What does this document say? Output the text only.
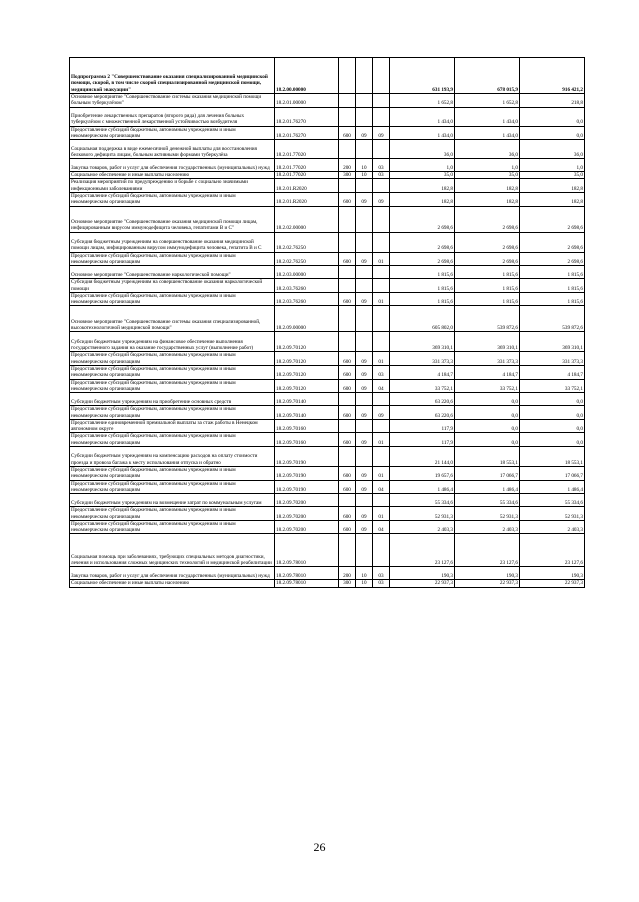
Подпрограмма 2 "Совершенствование оказания специализированной медицинской помощи, скорой, в том числе скорой специализированной медицинской помощи, медицинской эвакуации"	18.2.00.00000				631 193,9	678 015,9	916 421,2
Основное мероприятие "Совершенствование системы оказания медицинской помощи больным туберкулёзом"	18.2.01.00000				1 652,8	1 652,8	218,8
Приобретение лекарственных препаратов (второго ряда) для лечения больных туберкулёзом с множественной лекарственной устойчивостью возбудителя	18.2.01.76270				1 434,0	1 434,0	0,0
Предоставление субсидий бюджетным, автономным учреждениям и иным некоммерческим организациям	18.2.01.76270	600	09	09	1 434,0	1 434,0	0,0
Социальная поддержка в виде ежемесячной денежной выплаты для восстановления белкового дефицита лицам, больным активными формами туберкулёза	18.2.01.77020				36,0	36,0	36,0
Закупка товаров, работ и услуг для обеспечения государственных (муниципальных) нужд	18.2.01.77020	200	10	03	1,0	1,0	1,0
Социальное обеспечение и иные выплаты населению	18.2.01.77020	300	10	03	35,0	35,0	35,0
Реализация мероприятий по предупреждению и борьбе с социально значимыми инфекционными заболеваниями	18.2.01.R2020				182,8	182,8	182,8
Предоставление субсидий бюджетным, автономным учреждениям и иным некоммерческим организациям	18.2.01.R2020	600	09	09	182,8	182,8	182,8
Основное мероприятие "Совершенствование оказания медицинской помощи лицам, инфицированным вирусом иммунодефицита человека, гепатитами B и C"	18.2.02.00000				2 698,6	2 698,6	2 698,6
Субсидия бюджетным учреждениям на совершенствование оказания медицинской помощи лицам, инфицированным вирусом иммунодефицита человека, гепатита B и C	18.2.02.76250				2 698,6	2 698,6	2 698,6
Предоставление субсидий бюджетным, автономным учреждениям и иным некоммерческим организациям	18.2.02.76250	600	09	01	2 698,6	2 698,6	2 698,6
Основное мероприятие "Совершенствование наркологической помощи"	18.2.03.00000				1 815,6	1 815,6	1 815,6
Субсидия бюджетным учреждениям на совершенствование оказания наркологической помощи	18.2.03.76260				1 815,6	1 815,6	1 815,6
Предоставление субсидий бюджетным, автономным учреждениям и иным некоммерческим организациям	18.2.03.76260	600	09	01	1 815,6	1 815,6	1 815,6
Основное мероприятие "Совершенствование системы оказания специализированной, высокотехнологичной медицинской помощи"	18.2.09.00000				605 802,0	539 872,6	539 872,6
Субсидии бюджетным учреждениям на финансовое обеспечение выполнения государственного задания на оказание государственных услуг (выполнение работ)	18.2.09.70120				369 310,1	369 310,1	369 310,1
Предоставление субсидий бюджетным, автономным учреждениям и иным некоммерческим организациям	18.2.09.70120	600	09	01	331 373,3	331 373,3	331 373,3
Предоставление субсидий бюджетным, автономным учреждениям и иным некоммерческим организациям	18.2.09.70120	600	09	03	4 184,7	4 184,7	4 184,7
Предоставление субсидий бюджетным, автономным учреждениям и иным некоммерческим организациям	18.2.09.70120	600	09	04	33 752,1	33 752,1	33 752,1
Субсидии бюджетным учреждениям на приобретение основных средств	18.2.09.70140				63 220,6	0,0	0,0
Предоставление субсидий бюджетным, автономным учреждениям и иным некоммерческим организациям	18.2.09.70140	600	09	09	63 220,6	0,0	0,0
Предоставление единовременной премиальной выплаты за стаж работы в Ненецком автономном округе	18.2.09.70160				117,9	0,0	0,0
Предоставление субсидий бюджетным, автономным учреждениям и иным некоммерческим организациям	18.2.09.70160	600	09	01	117,9	0,0	0,0
Субсидии бюджетным учреждениям на компенсацию расходов на оплату стоимости проезда и провоза багажа к месту использования отпуска и обратно	18.2.09.70190				21 144,0	18 553,1	18 553,1
Предоставление субсидий бюджетным, автономным учреждениям и иным некоммерческим организациям	18.2.09.70190	600	09	01	19 657,6	17 066,7	17 066,7
Предоставление субсидий бюджетным, автономным учреждениям и иным некоммерческим организациям	18.2.09.70190	600	09	04	1 486,4	1 486,4	1 486,4
Субсидии бюджетным учреждениям на возмещение затрат по коммунальным услугам	18.2.09.70200				55 334,6	55 334,6	55 334,6
Предоставление субсидий бюджетным, автономным учреждениям и иным некоммерческим организациям	18.2.09.70200	600	09	01	52 931,3	52 931,3	52 931,3
Предоставление субсидий бюджетным, автономным учреждениям и иным некоммерческим организациям	18.2.09.70200	600	09	04	2 403,3	2 403,3	2 403,3
Социальная помощь при заболеваниях, требующих специальных методов диагностики, лечения и использования сложных медицинских технологий и медицинской реабилитации	18.2.09.78010				23 127,6	23 127,6	23 127,6
Закупка товаров, работ и услуг для обеспечения государственных (муниципальных) нужд	18.2.09.78010	200	10	03	190,3	190,3	190,3
Социальное обеспечение и иные выплаты населению	18.2.09.78010	300	10	03	22 937,3	22 937,3	22 937,3
26
